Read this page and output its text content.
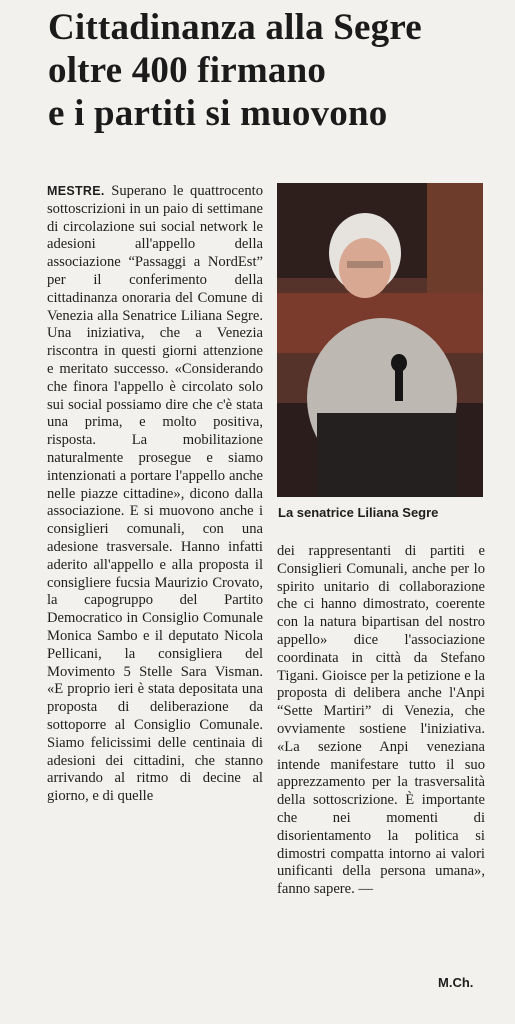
Cittadinanza alla Segre
oltre 400 firmano
e i partiti si muovono

MESTRE. Superano le quattrocento sottoscrizioni in un paio di settimane di circolazione sui social network le adesioni all'appello della associazione “Passaggi a NordEst” per il conferimento della cittadinanza onoraria del Comune di Venezia alla Senatrice Liliana Segre. Una iniziativa, che a Venezia riscontra in questi giorni attenzione e meritato successo. «Considerando che finora l'appello è circolato solo sui social possiamo dire che c'è stata una prima, e molto positiva, risposta. La mobilitazione naturalmente prosegue e siamo intenzionati a portare l'appello anche nelle piazze cittadine», dicono dalla associazione. E si muovono anche i consiglieri comunali, con una adesione trasversale. Hanno infatti aderito all'appello e alla proposta il consigliere fucsia Maurizio Crovato, la capogruppo del Partito Democratico in Consiglio Comunale Monica Sambo e il deputato Nicola Pellicani, la consigliera del Movimento 5 Stelle Sara Visman. «E proprio ieri è stata depositata una proposta di deliberazione da sottoporre al Consiglio Comunale. Siamo felicissimi delle centinaia di adesioni dei cittadini, che stanno arrivando al ritmo di decine al giorno, e di quelle

La senatrice Liliana Segre

dei rappresentanti di partiti e Consiglieri Comunali, anche per lo spirito unitario di collaborazione che ci hanno dimostrato, coerente con la natura bipartisan del nostro appello» dice l'associazione coordinata in città da Stefano Tigani. Gioisce per la petizione e la proposta di delibera anche l'Anpi “Sette Martiri” di Venezia, che ovviamente sostiene l'iniziativa. «La sezione Anpi veneziana intende manifestare tutto il suo apprezzamento per la trasversalità della sottoscrizione. È importante che nei momenti di disorientamento la politica si dimostri compatta intorno ai valori unificanti della persona umana», fanno sapere. —

M.Ch.
